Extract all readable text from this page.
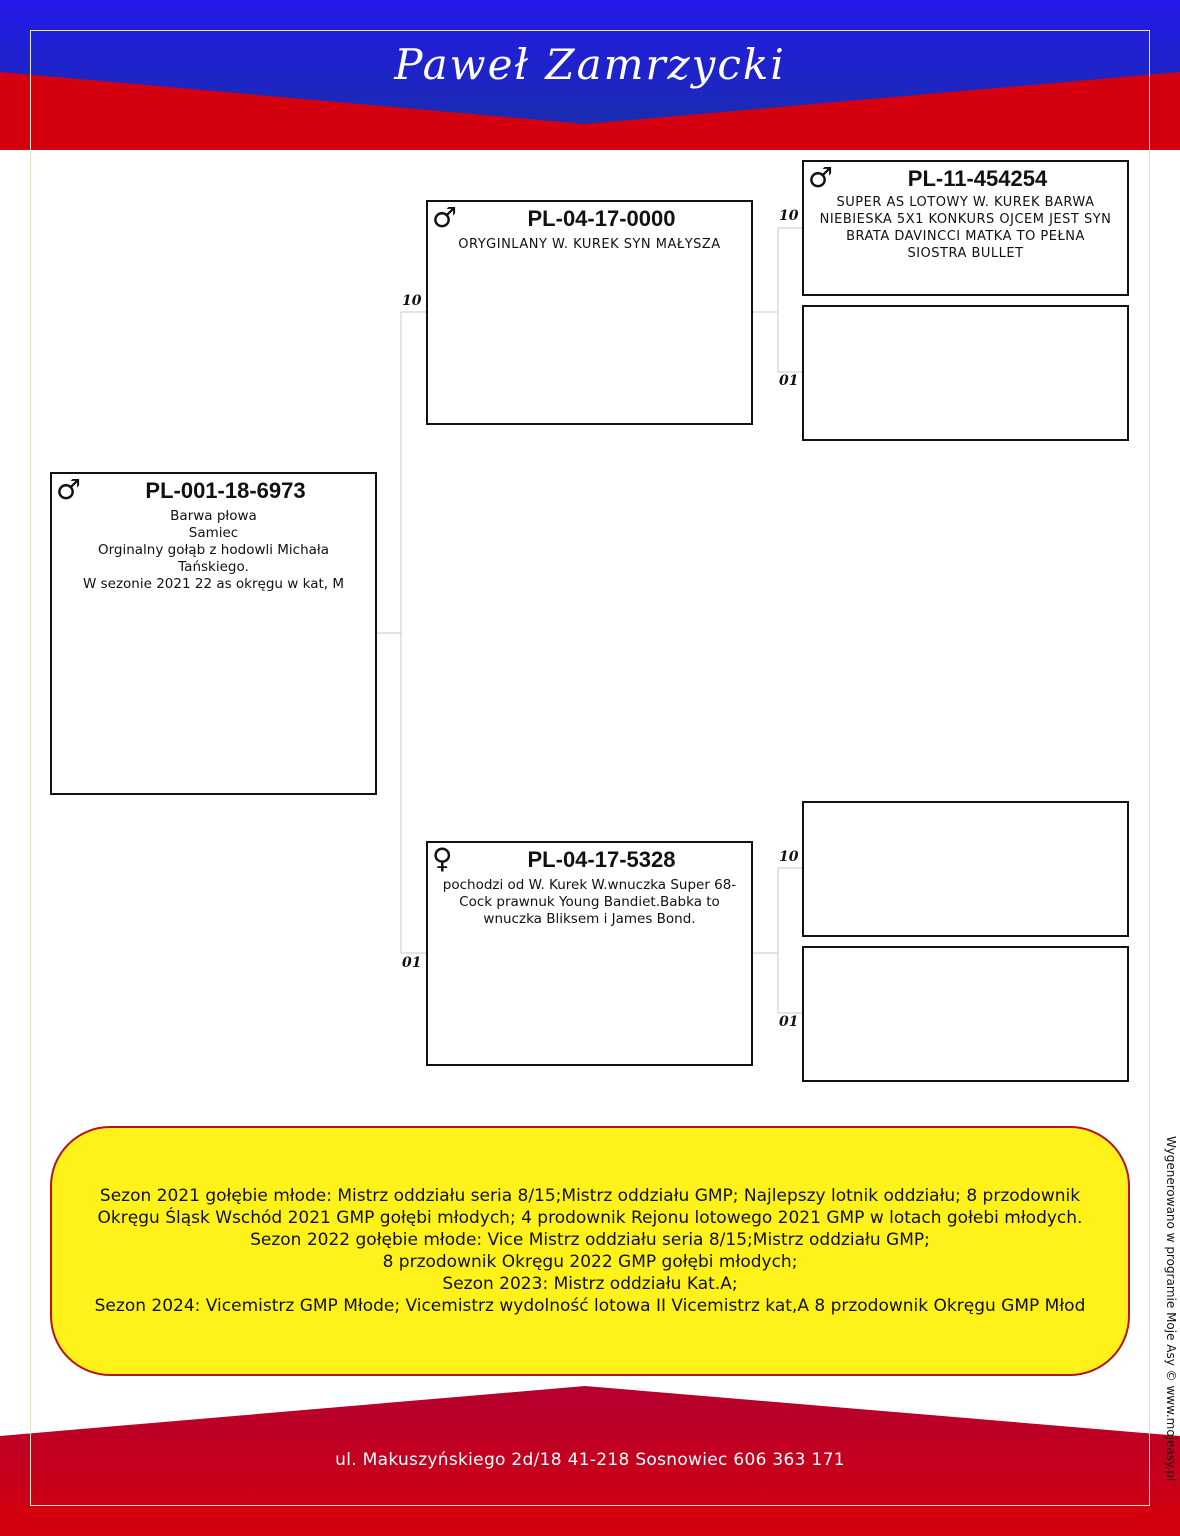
Paweł Zamrzycki
♂	PL-001-18-6973
Barwa płowa
Samiec
Orginalny gołąb z hodowli Michała Tańskiego.
W sezonie 2021 22 as okręgu w kat, M
10
♂	PL-04-17-0000
ORYGINLANY W. KUREK SYN MAŁYSZA
01
♀	PL-04-17-5328
pochodzi od W. Kurek W.wnuczka Super 68-Cock prawnuk Young Bandiet.Babka to wnuczka Bliksem i James Bond.
10
♂	PL-11-454254
SUPER AS LOTOWY W. KUREK BARWA NIEBIESKA 5X1 KONKURS OJCEM JEST SYN BRATA DAVINCCI MATKA TO PEŁNA SIOSTRA BULLET
01
10
01
Sezon 2021 gołębie młode: Mistrz oddziału seria 8/15;Mistrz oddziału GMP; Najlepszy lotnik oddziału; 8 przodownik Okręgu Śląsk Wschód 2021 GMP gołębi młodych; 4 prodownik Rejonu lotowego 2021 GMP w lotach gołebi młodych.
Sezon 2022 gołębie młode: Vice Mistrz oddziału seria 8/15;Mistrz oddziału GMP;
8 przodownik Okręgu 2022 GMP gołębi młodych;
Sezon 2023: Mistrz oddziału Kat.A;
Sezon 2024: Vicemistrz GMP Młode; Vicemistrz wydolność lotowa II Vicemistrz kat,A 8 przodownik Okręgu GMP Młod
ul. Makuszyńskiego 2d/18 41-218 Sosnowiec 606 363 171	Wygenerowano w programie Moje Asy © www.mojeasy.pl
